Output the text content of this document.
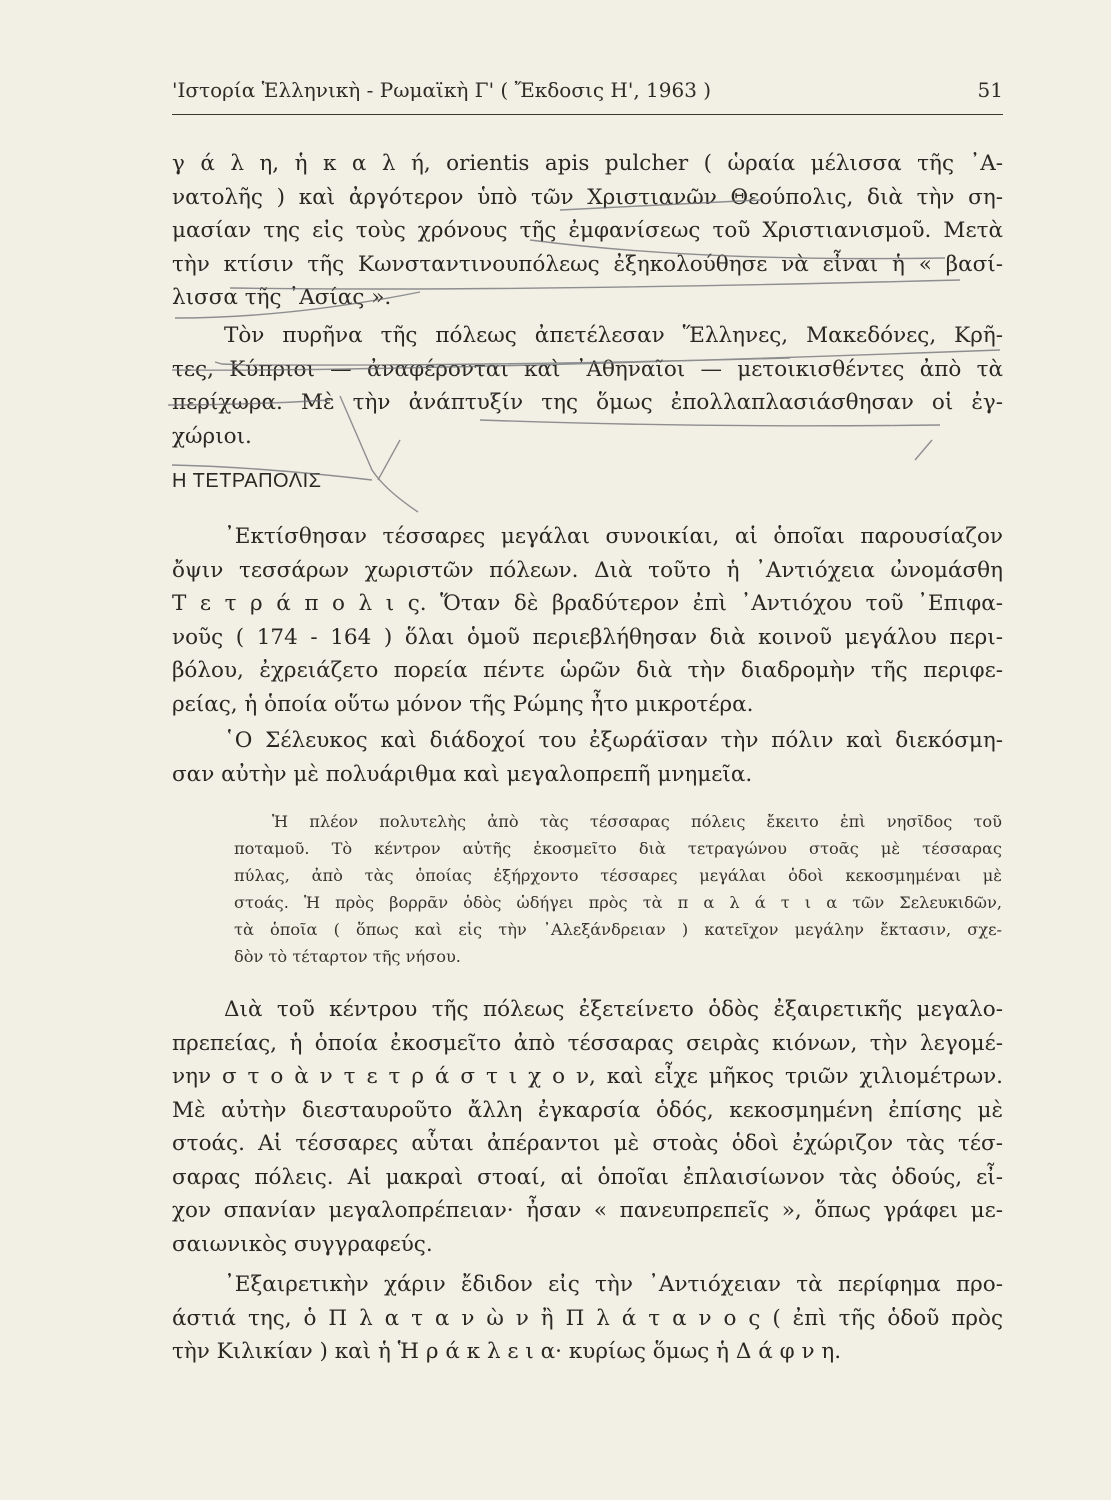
'Ιστορία Ἑλληνικὴ - Ρωμαϊκὴ Γ' ( Ἔκδοσις Η', 1963 )	51

γ ά λ η, ἡ κ α λ ή, orientis apis pulcher ( ὡραία μέλισσα τῆς ᾿Α-
νατολῆς ) καὶ ἀργότερον ὑπὸ τῶν Χριστιανῶν Θεούπολις, διὰ τὴν ση-
μασίαν της εἰς τοὺς χρόνους τῆς ἐμφανίσεως τοῦ Χριστιανισμοῦ. Μετὰ
τὴν κτίσιν τῆς Κωνσταντινουπόλεως ἐξηκολούθησε νὰ εἶναι ἡ « βασί-

λισσα τῆς ᾿Ασίας ».

Τὸν πυρῆνα τῆς πόλεως ἀπετέλεσαν Ἕλληνες, Μακεδόνες, Κρῆ-
τες, Κύπριοι — ἀναφέρονται καὶ ᾿Αθηναῖοι — μετοικισθέντες ἀπὸ τὰ
περίχωρα. Μὲ τὴν ἀνάπτυξίν της ὅμως ἐπολλαπλασιάσθησαν οἱ ἐγ-

χώριοι.

Η ΤΕΤΡΑΠΟΛΙΣ

᾿Εκτίσθησαν τέσσαρες μεγάλαι συνοικίαι, αἱ ὁποῖαι παρουσίαζον
ὄψιν τεσσάρων χωριστῶν πόλεων. Διὰ τοῦτο ἡ ᾿Αντιόχεια ὠνομάσθη
Τ ε τ ρ ά π ο λ ι ς. Ὅταν δὲ βραδύτερον ἐπὶ ᾿Αντιόχου τοῦ ᾿Επιφα-
νοῦς ( 174 - 164 ) ὅλαι ὁμοῦ περιεβλήθησαν διὰ κοινοῦ μεγάλου περι-
βόλου, ἐχρειάζετο πορεία πέντε ὡρῶν διὰ τὴν διαδρομὴν τῆς περιφε-

ρείας, ἡ ὁποία οὕτω μόνον τῆς Ρώμης ἦτο μικροτέρα.

῾Ο Σέλευκος καὶ διάδοχοί του ἐξωράϊσαν τὴν πόλιν καὶ διεκόσμη-

σαν αὐτὴν μὲ πολυάριθμα καὶ μεγαλοπρεπῆ μνημεῖα.

Ἡ πλέον πολυτελὴς ἀπὸ τὰς τέσσαρας πόλεις ἔκειτο ἐπὶ νησῖδος τοῦ
ποταμοῦ. Τὸ κέντρον αὐτῆς ἐκοσμεῖτο διὰ τετραγώνου στοᾶς μὲ τέσσαρας
πύλας, ἀπὸ τὰς ὁποίας ἐξήρχοντο τέσσαρες μεγάλαι ὁδοὶ κεκοσμημέναι μὲ
στοάς. Ἡ πρὸς βορρᾶν ὁδὸς ὡδήγει πρὸς τὰ π α λ ά τ ι α τῶν Σελευκιδῶν,
τὰ ὁποῖα ( ὅπως καὶ εἰς τὴν ᾿Αλεξάνδρειαν ) κατεῖχον μεγάλην ἔκτασιν, σχε-
δὸν τὸ τέταρτον τῆς νήσου.

Διὰ τοῦ κέντρου τῆς πόλεως ἐξετείνετο ὁδὸς ἐξαιρετικῆς μεγαλο-
πρεπείας, ἡ ὁποία ἐκοσμεῖτο ἀπὸ τέσσαρας σειρὰς κιόνων, τὴν λεγομέ-
νην σ τ ο ὰ ν τ ε τ ρ ά σ τ ι χ ο ν, καὶ εἶχε μῆκος τριῶν χιλιομέτρων.
Μὲ αὐτὴν διεσταυροῦτο ἄλλη ἐγκαρσία ὁδός, κεκοσμημένη ἐπίσης μὲ
στοάς. Αἱ τέσσαρες αὗται ἀπέραντοι μὲ στοὰς ὁδοὶ ἐχώριζον τὰς τέσ-
σαρας πόλεις. Αἱ μακραὶ στοαί, αἱ ὁποῖαι ἐπλαισίωνον τὰς ὁδούς, εἶ-
χον σπανίαν μεγαλοπρέπειαν· ἦσαν « πανευπρεπεῖς », ὅπως γράφει με-

σαιωνικὸς συγγραφεύς.

᾿Εξαιρετικὴν χάριν ἔδιδον εἰς τὴν ᾿Αντιόχειαν τὰ περίφημα προ-
άστιά της, ὁ Π λ α τ α ν ὼ ν ἢ Π λ ά τ α ν ο ς ( ἐπὶ τῆς ὁδοῦ πρὸς

τὴν Κιλικίαν ) καὶ ἡ Ἡ ρ ά κ λ ε ι α· κυρίως ὅμως ἡ Δ ά φ ν η.
